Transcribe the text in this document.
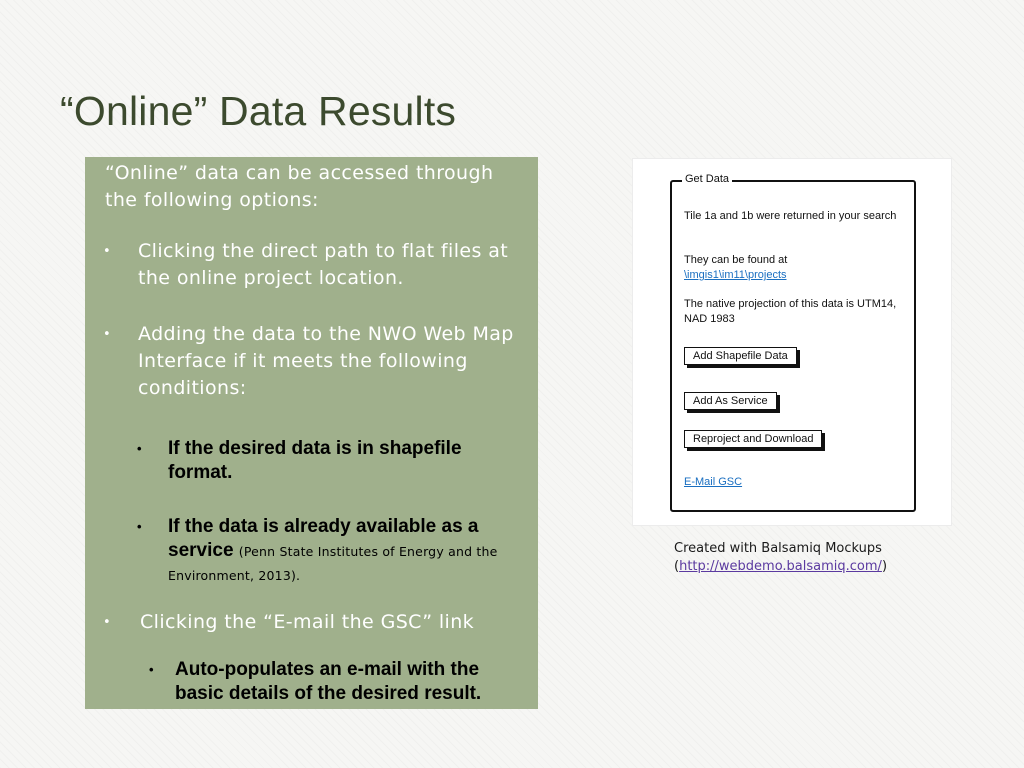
“Online” Data Results

“Online” data can be accessed through the following options:

• Clicking the direct path to flat files at the online project location.
• Adding the data to the NWO Web Map Interface if it meets the following conditions:
• If the desired data is in shapefile format.
• If the data is already available as a service (Penn State Institutes of Energy and the Environment, 2013).
• Clicking the “E-mail the GSC” link
• Auto-populates an e-mail with the basic details of the desired result.
Get Data
Tile 1a and 1b were returned in your search
They can be found at
\imgis1\im11\projects
The native projection of this data is UTM14, NAD 1983
Add Shapefile Data
Add As Service
Reproject and Download
E-Mail GSC

Created with Balsamiq Mockups
(http://webdemo.balsamiq.com/)
